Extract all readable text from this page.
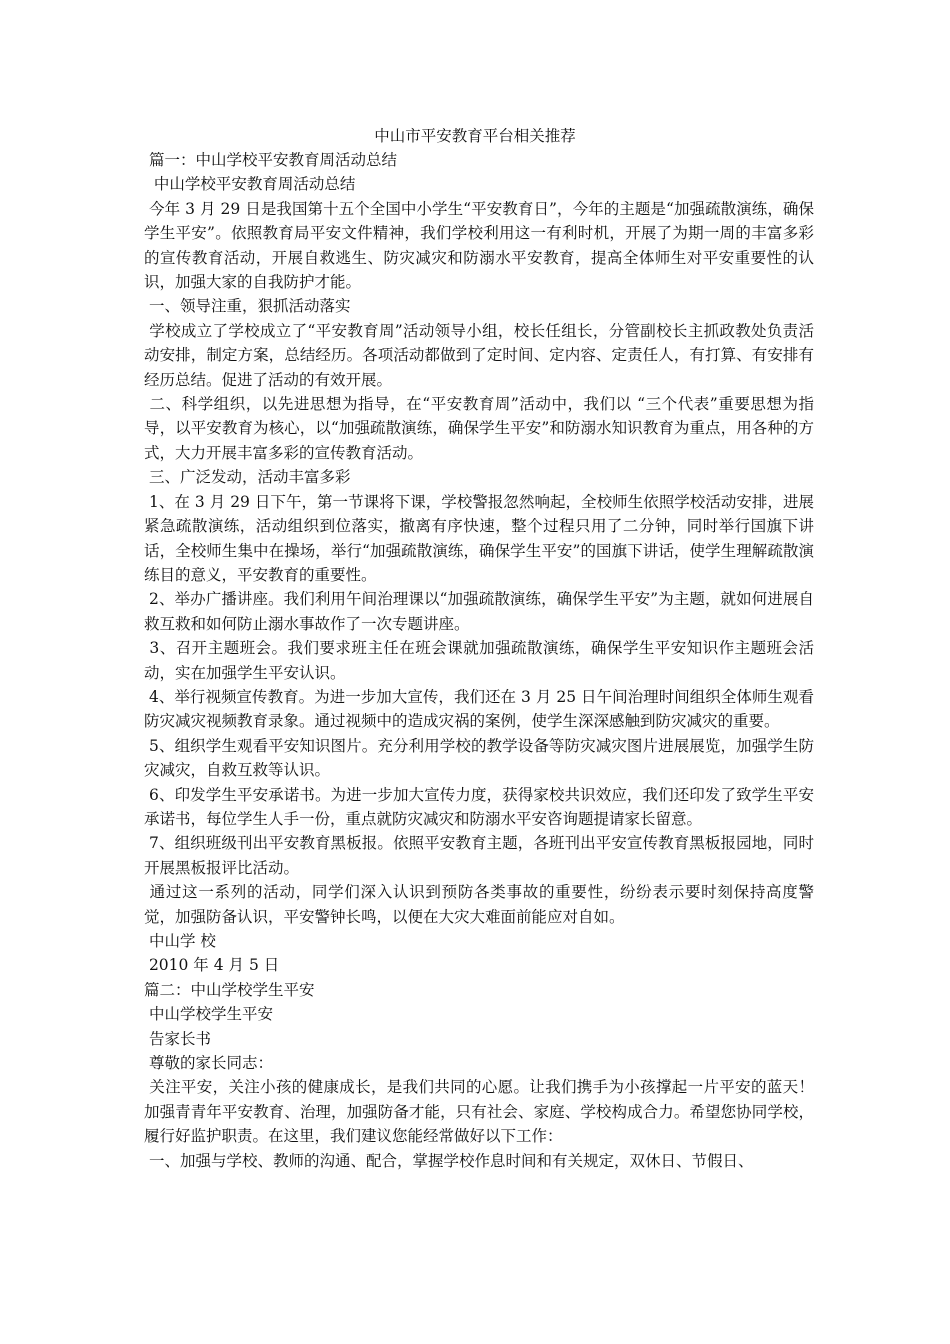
中山市平安教育平台相关推荐

篇一：中山学校平安教育周活动总结

中山学校平安教育周活动总结

今年 3 月 29 日是我国第十五个全国中小学生“平安教育日”，今年的主题是“加强疏散演练，确保学生平安”。依照教育局平安文件精神，我们学校利用这一有利时机，开展了为期一周的丰富多彩的宣传教育活动，开展自救逃生、防灾减灾和防溺水平安教育，提高全体师生对平安重要性的认识，加强大家的自我防护才能。

一、领导注重，狠抓活动落实

学校成立了学校成立了“平安教育周”活动领导小组，校长任组长，分管副校长主抓政教处负责活动安排，制定方案，总结经历。各项活动都做到了定时间、定内容、定责任人，有打算、有安排有经历总结。促进了活动的有效开展。

二、科学组织，以先进思想为指导，在“平安教育周”活动中，我们以 “三个代表”重要思想为指导，以平安教育为核心，以“加强疏散演练，确保学生平安”和防溺水知识教育为重点，用各种的方式，大力开展丰富多彩的宣传教育活动。

三、广泛发动，活动丰富多彩

1、在 3 月 29 日下午，第一节课将下课，学校警报忽然响起，全校师生依照学校活动安排，进展紧急疏散演练，活动组织到位落实，撤离有序快速，整个过程只用了二分钟，同时举行国旗下讲话，全校师生集中在操场，举行“加强疏散演练，确保学生平安”的国旗下讲话，使学生理解疏散演练目的意义，平安教育的重要性。

2、举办广播讲座。我们利用午间治理课以“加强疏散演练，确保学生平安”为主题，就如何进展自救互救和如何防止溺水事故作了一次专题讲座。

3、召开主题班会。我们要求班主任在班会课就加强疏散演练，确保学生平安知识作主题班会活动，实在加强学生平安认识。

4、举行视频宣传教育。为进一步加大宣传，我们还在 3 月 25 日午间治理时间组织全体师生观看防灾减灾视频教育录象。通过视频中的造成灾祸的案例，使学生深深感触到防灾减灾的重要。

5、组织学生观看平安知识图片。充分利用学校的教学设备等防灾减灾图片进展展览，加强学生防灾减灾，自救互救等认识。

6、印发学生平安承诺书。为进一步加大宣传力度，获得家校共识效应，我们还印发了致学生平安承诺书，每位学生人手一份，重点就防灾减灾和防溺水平安咨询题提请家长留意。

7、组织班级刊出平安教育黑板报。依照平安教育主题，各班刊出平安宣传教育黑板报园地，同时开展黑板报评比活动。

通过这一系列的活动，同学们深入认识到预防各类事故的重要性，纷纷表示要时刻保持高度警觉，加强防备认识，平安警钟长鸣，以便在大灾大难面前能应对自如。

中山学 校

2010 年 4 月 5 日

篇二：中山学校学生平安

中山学校学生平安

告家长书

尊敬的家长同志：

关注平安，关注小孩的健康成长，是我们共同的心愿。让我们携手为小孩撑起一片平安的蓝天！加强青青年平安教育、治理，加强防备才能，只有社会、家庭、学校构成合力。希望您协同学校，履行好监护职责。在这里，我们建议您能经常做好以下工作：

一、加强与学校、教师的沟通、配合，掌握学校作息时间和有关规定，双休日、节假日、
